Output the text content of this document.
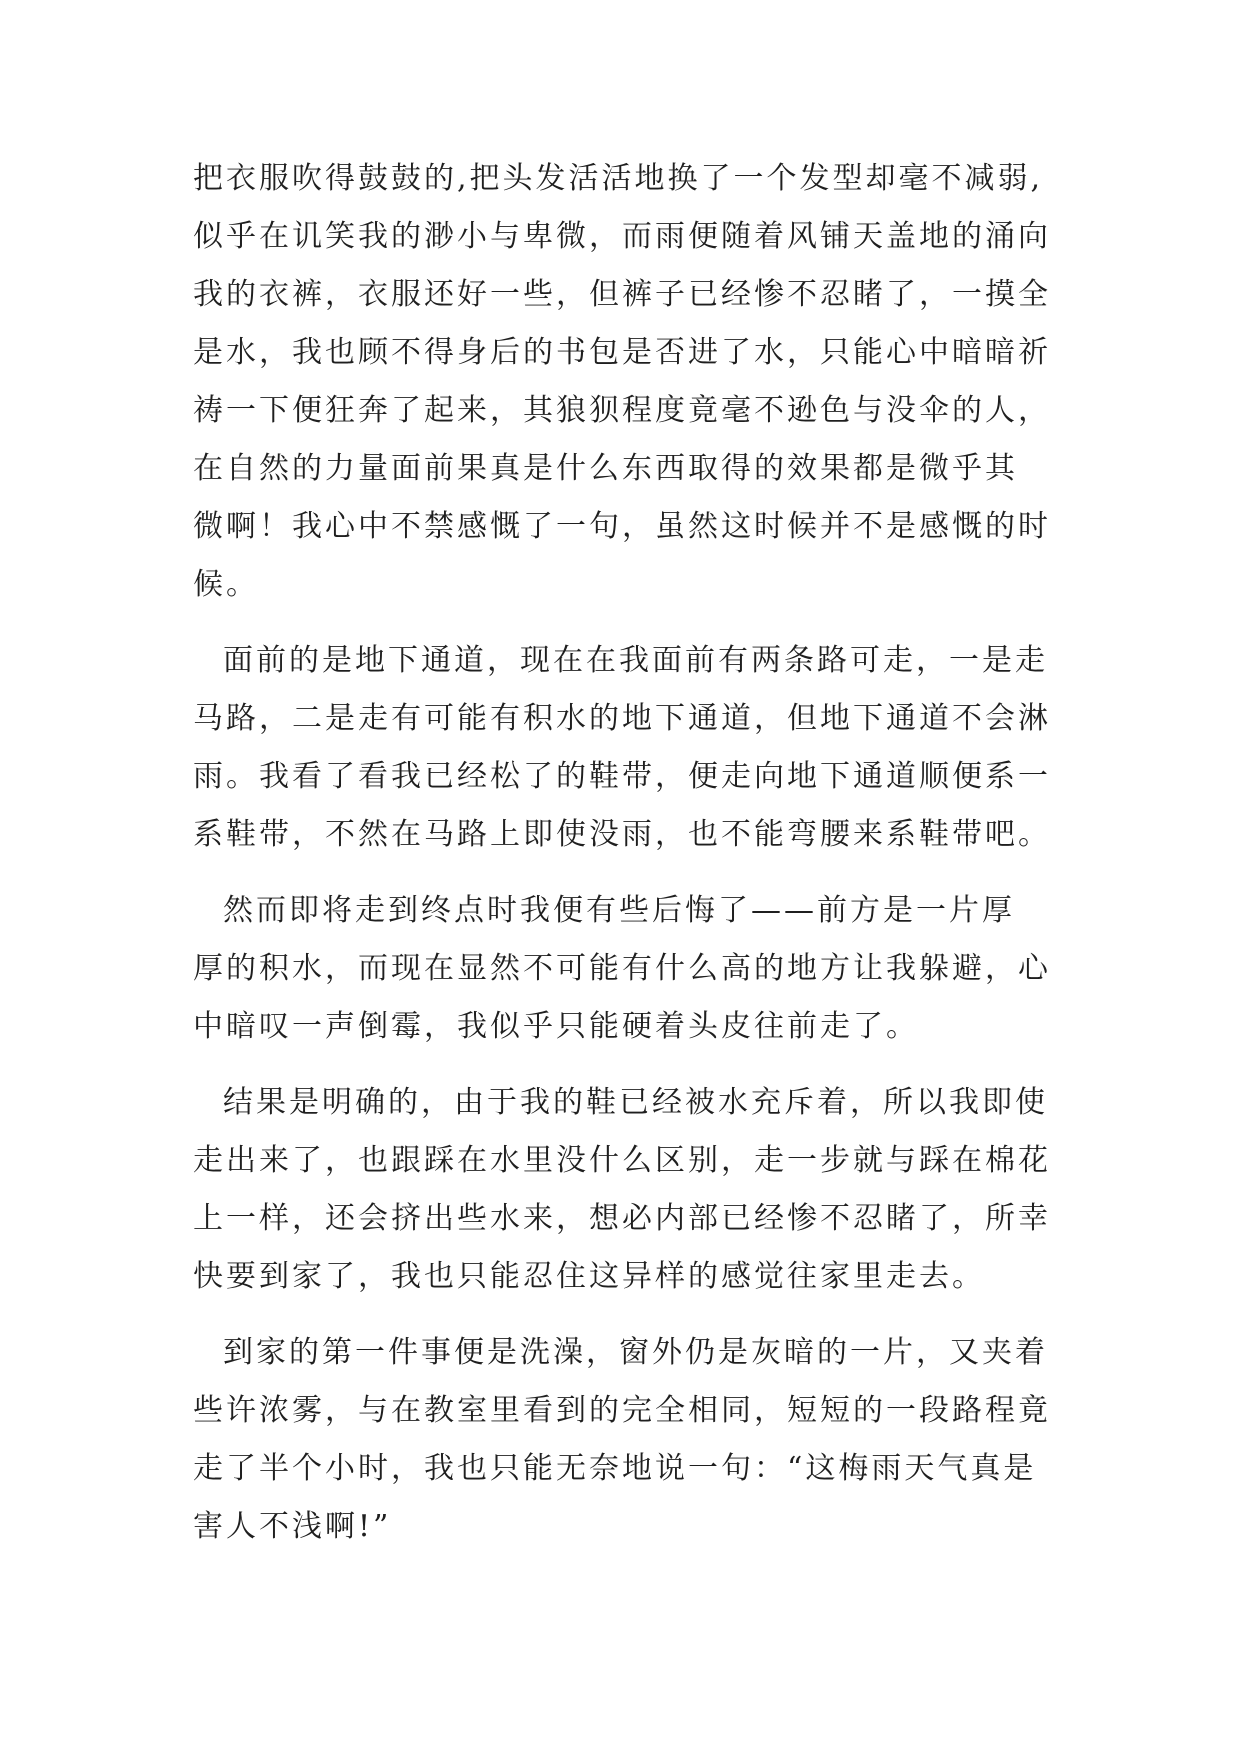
把衣服吹得鼓鼓的,把头发活活地换了一个发型却毫不减弱,
似乎在讥笑我的渺小与卑微，而雨便随着风铺天盖地的涌向
我的衣裤，衣服还好一些，但裤子已经惨不忍睹了，一摸全
是水，我也顾不得身后的书包是否进了水，只能心中暗暗祈
祷一下便狂奔了起来，其狼狈程度竟毫不逊色与没伞的人，
在自然的力量面前果真是什么东西取得的效果都是微乎其
微啊！我心中不禁感慨了一句，虽然这时候并不是感慨的时
候。
面前的是地下通道，现在在我面前有两条路可走，一是走
马路，二是走有可能有积水的地下通道，但地下通道不会淋
雨。我看了看我已经松了的鞋带，便走向地下通道顺便系一
系鞋带，不然在马路上即使没雨，也不能弯腰来系鞋带吧。
然而即将走到终点时我便有些后悔了——前方是一片厚
厚的积水，而现在显然不可能有什么高的地方让我躲避，心
中暗叹一声倒霉，我似乎只能硬着头皮往前走了。
结果是明确的，由于我的鞋已经被水充斥着，所以我即使
走出来了，也跟踩在水里没什么区别，走一步就与踩在棉花
上一样，还会挤出些水来，想必内部已经惨不忍睹了，所幸
快要到家了，我也只能忍住这异样的感觉往家里走去。
到家的第一件事便是洗澡，窗外仍是灰暗的一片，又夹着
些许浓雾，与在教室里看到的完全相同，短短的一段路程竟
走了半个小时，我也只能无奈地说一句：“这梅雨天气真是
害人不浅啊!”
